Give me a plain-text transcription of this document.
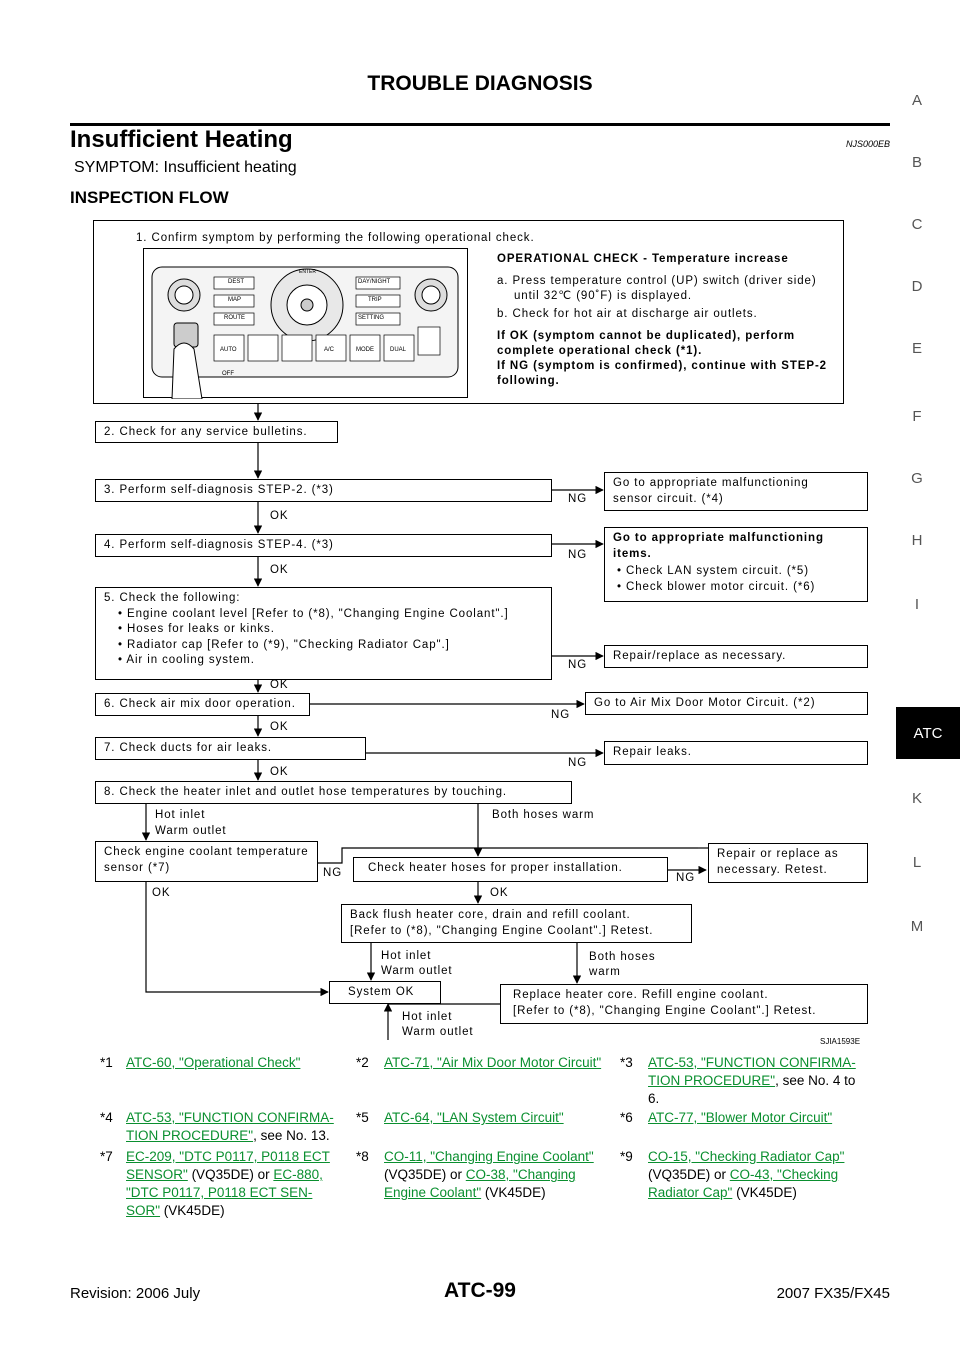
TROUBLE DIAGNOSIS
Insufficient Heating	NJS000EB
SYMPTOM: Insufficient heating
INSPECTION FLOW
A
B
C
D
E
F
G
H
I
ATC
K
L
M
1. Confirm symptom by performing the following operational check.
DEST
MAP
ROUTE
ENTER
DAY/NIGHT
TRIP
SETTING
AUTO
OFF
A/C	MODE	DUAL
OPERATIONAL CHECK - Temperature increase
a. Press temperature control (UP) switch (driver side)
until 32℃ (90˚F) is displayed.
b. Check for hot air at discharge air outlets.
If OK (symptom cannot be duplicated), perform
complete operational check (*1).
If NG (symptom is confirmed), continue with STEP-2
following.
2. Check for any service bulletins.
3. Perform self-diagnosis STEP-2. (*3)
Go to appropriate malfunctioning
sensor circuit. (*4)
NG
OK
4. Perform self-diagnosis STEP-4. (*3)
Go to appropriate malfunctioning
items.
• Check LAN system circuit. (*5)
• Check blower motor circuit. (*6)
NG
OK
5. Check the following:
• Engine coolant level [Refer to (*8), "Changing Engine Coolant".]
• Hoses for leaks or kinks.
• Radiator cap [Refer to (*9), "Checking Radiator Cap".]
• Air in cooling system.	Repair/replace as necessary.
NG
OK
6. Check air mix door operation.	Go to Air Mix Door Motor Circuit. (*2)
NG
OK
7. Check ducts for air leaks.	Repair leaks.
NG
OK
8. Check the heater inlet and outlet hose temperatures by touching.
Hot inlet
Warm outlet
Both hoses warm
Check engine coolant temperature
sensor (*7)	NG
OK
Check heater hoses for proper installation.
NG
OK
Repair or replace as
necessary. Retest.
Back flush heater core, drain and refill coolant.
[Refer to (*8), "Changing Engine Coolant".] Retest.
Hot inlet
Warm outlet
Both hoses
warm
System OK
Hot inlet
Warm outlet
Replace heater core. Refill engine coolant.
[Refer to (*8), "Changing Engine Coolant".] Retest.
SJIA1593E
*1 ATC-60, "Operational Check"	*2 ATC-71, "Air Mix Door Motor Circuit" *3 ATC-53, "FUNCTION CONFIRMA-
TION PROCEDURE", see No. 4 to
6.
*4 ATC-53, "FUNCTION CONFIRMA-
TION PROCEDURE", see No. 13.
*5 ATC-64, "LAN System Circuit"	*6 ATC-77, "Blower Motor Circuit"
*7 EC-209, "DTC P0117, P0118 ECT
SENSOR" (VQ35DE) or EC-880,
"DTC P0117, P0118 ECT SEN-
SOR" (VK45DE)
*8 CO-11, "Changing Engine Coolant"
(VQ35DE) or CO-38, "Changing
Engine Coolant" (VK45DE)
*9 CO-15, "Checking Radiator Cap"
(VQ35DE) or CO-43, "Checking
Radiator Cap" (VK45DE)
Revision: 2006 July	ATC-99	2007 FX35/FX45
